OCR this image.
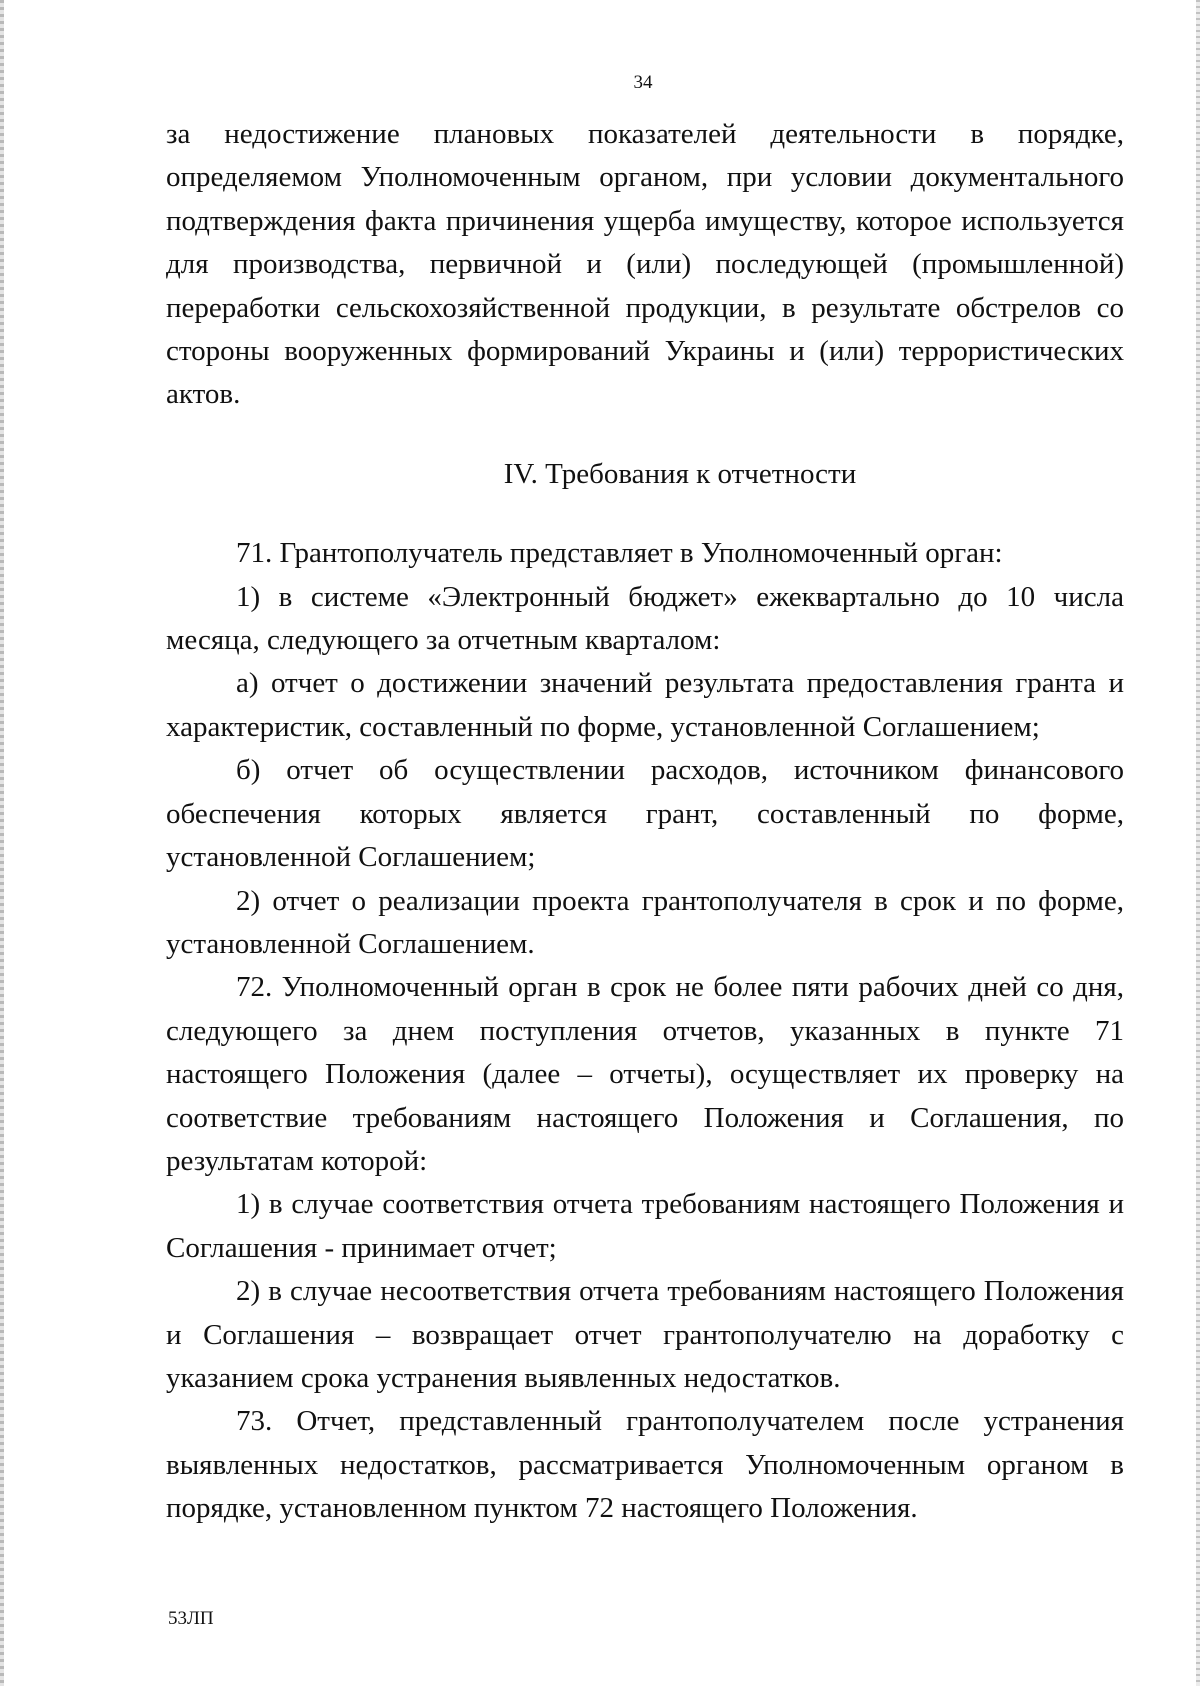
34

за недостижение плановых показателей деятельности в порядке, определяемом Уполномоченным органом, при условии документального подтверждения факта причинения ущерба имуществу, которое используется для производства, первичной и (или) последующей (промышленной) переработки сельскохозяйственной продукции, в результате обстрелов со стороны вооруженных формирований Украины и (или) террористических актов.

IV. Требования к отчетности

71. Грантополучатель представляет в Уполномоченный орган:

1) в системе «Электронный бюджет» ежеквартально до 10 числа месяца, следующего за отчетным кварталом:

а) отчет о достижении значений результата предоставления гранта и характеристик, составленный по форме, установленной Соглашением;

б) отчет об осуществлении расходов, источником финансового обеспечения которых является грант, составленный по форме, установленной Соглашением;

2) отчет о реализации проекта грантополучателя в срок и по форме, установленной Соглашением.

72. Уполномоченный орган в срок не более пяти рабочих дней со дня, следующего за днем поступления отчетов, указанных в пункте 71 настоящего Положения (далее – отчеты), осуществляет их проверку на соответствие требованиям настоящего Положения и Соглашения, по результатам которой:

1) в случае соответствия отчета требованиям настоящего Положения и Соглашения - принимает отчет;

2) в случае несоответствия отчета требованиям настоящего Положения и Соглашения – возвращает отчет грантополучателю на доработку с указанием срока устранения выявленных недостатков.

73. Отчет, представленный грантополучателем после устранения выявленных недостатков, рассматривается Уполномоченным органом в порядке, установленном пунктом 72 настоящего Положения.

53ЛП
